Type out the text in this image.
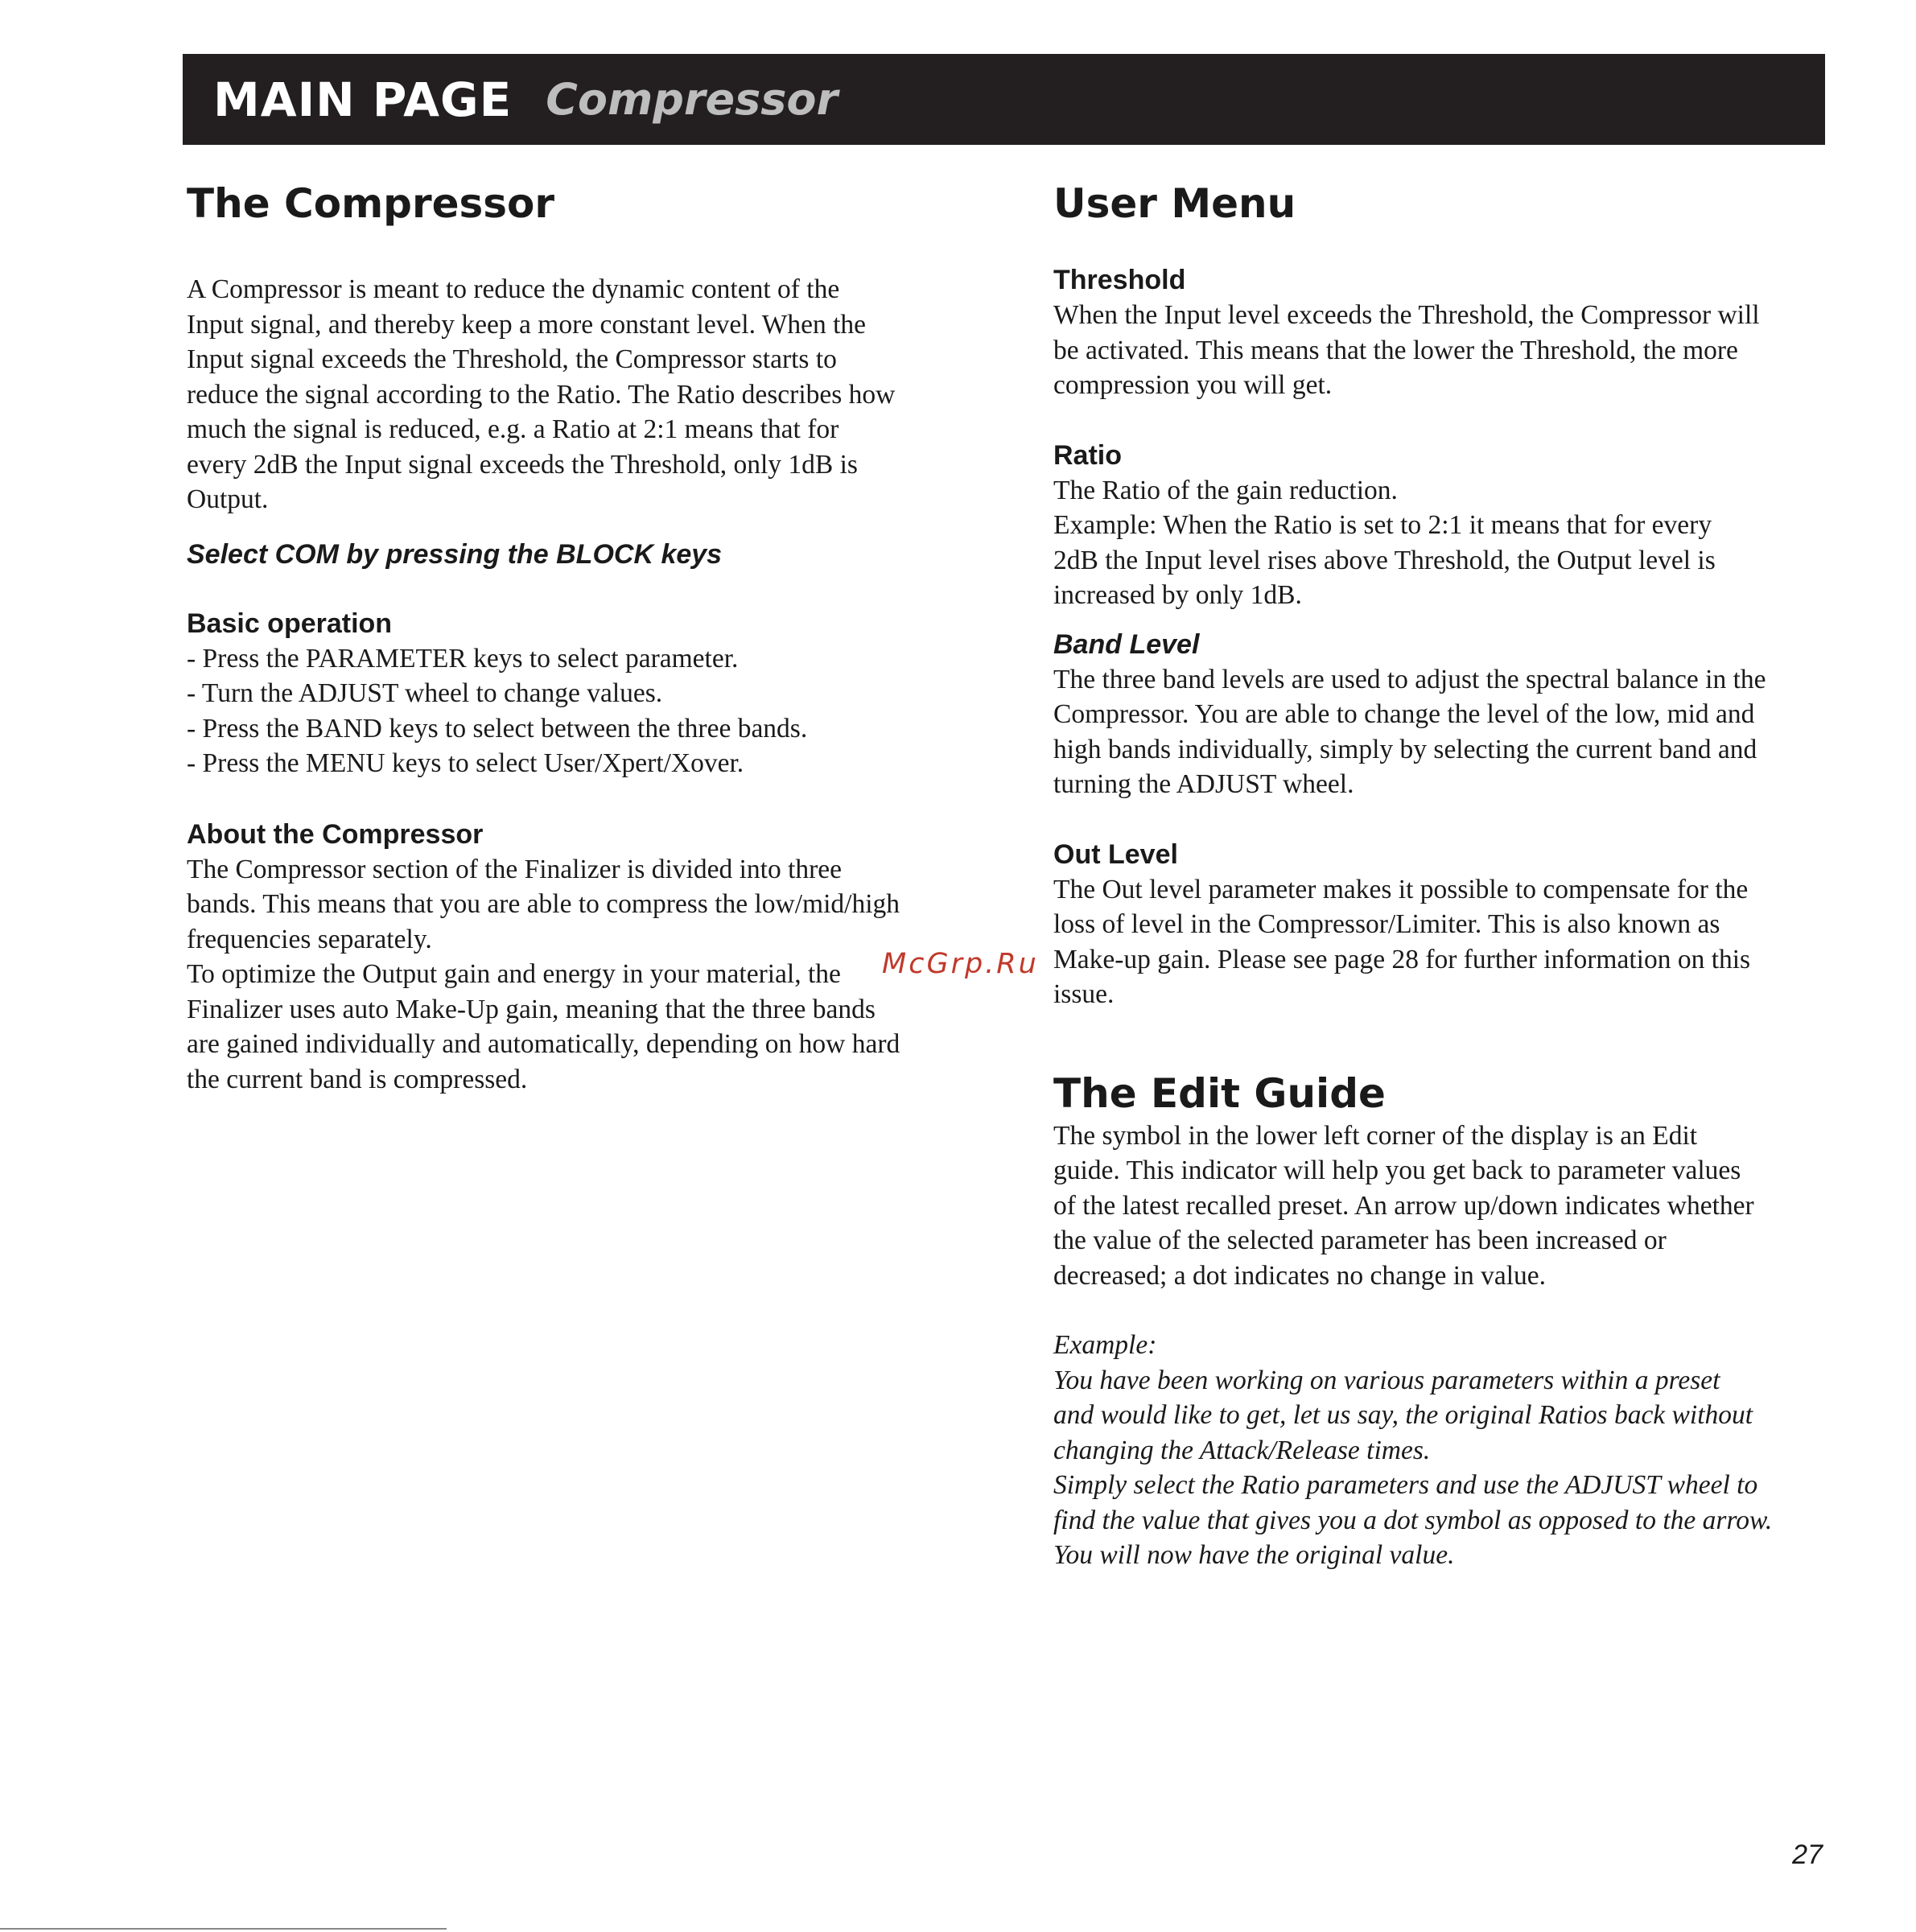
MAIN PAGE Compressor
The Compressor

A Compressor is meant to reduce the dynamic content of the

Input signal, and thereby keep a more constant level. When the

Input signal exceeds the Threshold, the Compressor starts to

reduce the signal according to the Ratio. The Ratio describes how

much the signal is reduced, e.g. a Ratio at 2:1 means that for

every 2dB the Input signal exceeds the Threshold, only 1dB is

Output.

Select COM by pressing the BLOCK keys
Basic operation

- Press the PARAMETER keys to select parameter.

- Turn the ADJUST wheel to change values.

- Press the BAND keys to select between the three bands.

- Press the MENU keys to select User/Xpert/Xover.

About the Compressor

The Compressor section of the Finalizer is divided into three

bands. This means that you are able to compress the low/mid/high

frequencies separately.

To optimize the Output gain and energy in your material, the

Finalizer uses auto Make-Up gain, meaning that the three bands

are gained individually and automatically, depending on how hard

the current band is compressed.

User Menu
Threshold

When the Input level exceeds the Threshold, the Compressor will

be activated. This means that the lower the Threshold, the more

compression you will get.

Ratio

The Ratio of the gain reduction.

Example: When the Ratio is set to 2:1 it means that for every

2dB the Input level rises above Threshold, the Output level is

increased by only 1dB.

Band Level

The three band levels are used to adjust the spectral balance in the

Compressor. You are able to change the level of the low, mid and

high bands individually, simply by selecting the current band and

turning the ADJUST wheel.

Out Level

The Out level parameter makes it possible to compensate for the

loss of level in the Compressor/Limiter. This is also known as

Make-up gain. Please see page 28 for further information on this

issue.

The Edit Guide

The symbol in the lower left corner of the display is an Edit

guide. This indicator will help you get back to parameter values

of the latest recalled preset. An arrow up/down indicates whether

the value of the selected parameter has been increased or

decreased; a dot indicates no change in value.

Example:

You have been working on various parameters within a preset

and would like to get, let us say, the original Ratios back without

changing the Attack/Release times.

Simply select the Ratio parameters and use the ADJUST wheel to

find the value that gives you a dot symbol as opposed to the arrow.

You will now have the original value.

McGrp.Ru
27
